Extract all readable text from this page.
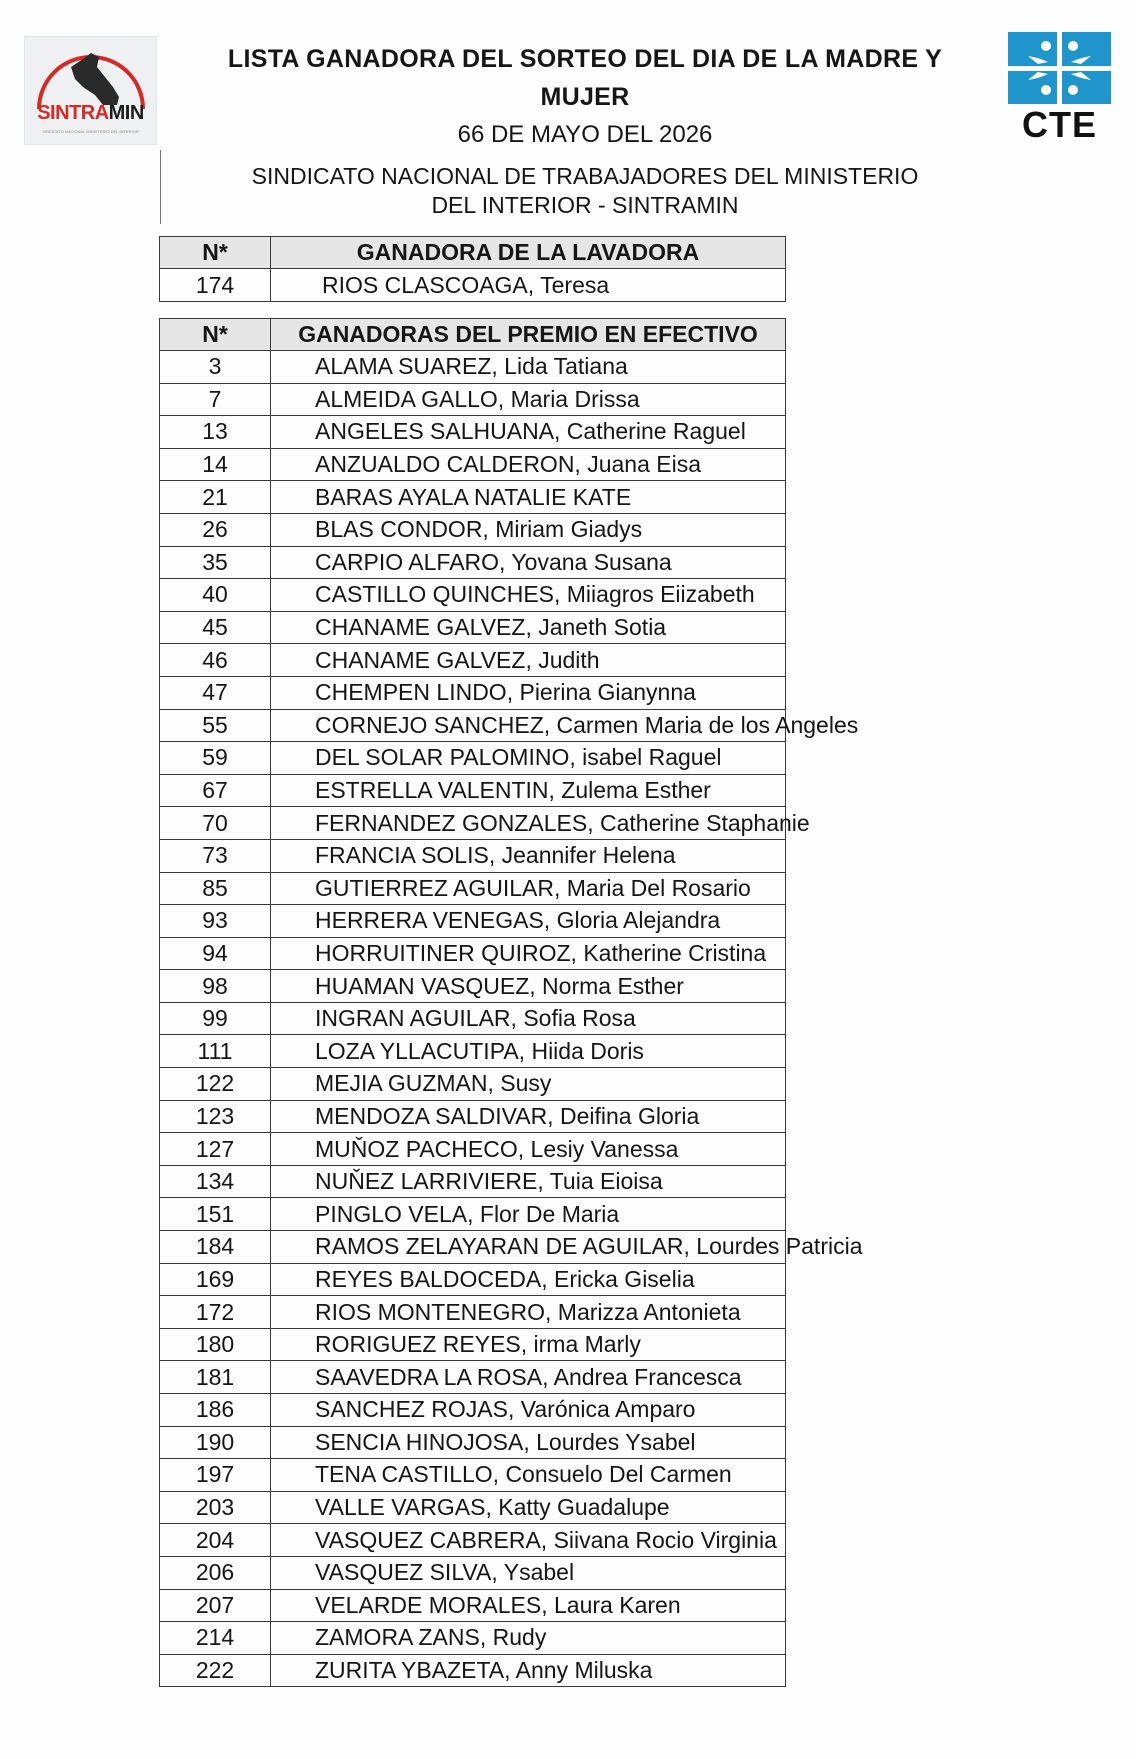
SINTRAMIN
SINDICATO NACIONAL MINISTERIO DEL INTERIOR	CTE
LISTA GANADORA DEL SORTEO DEL DIA DE LA MADRE Y
MUJER
66 DE MAYO DEL 2026
SINDICATO NACIONAL DE TRABAJADORES DEL MINISTERIO
DEL INTERIOR - SINTRAMIN
N*	GANADORA DE LA LAVADORA
174	RIOS CLASCOAGA, Teresa
N*	GANADORAS DEL PREMIO EN EFECTIVO
3	ALAMA SUAREZ, Lida Tatiana
7	ALMEIDA GALLO, Maria Drissa
13	ANGELES SALHUANA, Catherine Raguel
14	ANZUALDO CALDERON, Juana Eisa
21	BARAS AYALA NATALIE KATE
26	BLAS CONDOR, Miriam Giadys
35	CARPIO ALFARO, Yovana Susana
40	CASTILLO QUINCHES, Miiagros Eiizabeth
45	CHANAME GALVEZ, Janeth Sotia
46	CHANAME GALVEZ, Judith
47	CHEMPEN LINDO, Pierina Gianynna
55	CORNEJO SANCHEZ, Carmen Maria de los Angeles
59	DEL SOLAR PALOMINO, isabel Raguel
67	ESTRELLA VALENTIN, Zulema Esther
70	FERNANDEZ GONZALES, Catherine Staphanie
73	FRANCIA SOLIS, Jeannifer Helena
85	GUTIERREZ AGUILAR, Maria Del Rosario
93	HERRERA VENEGAS, Gloria Alejandra
94	HORRUITINER QUIROZ, Katherine Cristina
98	HUAMAN VASQUEZ, Norma Esther
99	INGRAN AGUILAR, Sofia Rosa
111	LOZA YLLACUTIPA, Hiida Doris
122	MEJIA GUZMAN, Susy
123	MENDOZA SALDIVAR, Deifina Gloria
127	MUŇOZ PACHECO, Lesiy Vanessa
134	NUŇEZ LARRIVIERE, Tuia Eioisa
151	PINGLO VELA, Flor De Maria
184	RAMOS ZELAYARAN DE AGUILAR, Lourdes Patricia
169	REYES BALDOCEDA, Ericka Giselia
172	RIOS MONTENEGRO, Marizza Antonieta
180	RORIGUEZ REYES, irma Marly
181	SAAVEDRA LA ROSA, Andrea Francesca
186	SANCHEZ ROJAS, Varónica Amparo
190	SENCIA HINOJOSA, Lourdes Ysabel
197	TENA CASTILLO, Consuelo Del Carmen
203	VALLE VARGAS, Katty Guadalupe
204	VASQUEZ CABRERA, Siivana Rocio Virginia
206	VASQUEZ SILVA, Ysabel
207	VELARDE MORALES, Laura Karen
214	ZAMORA ZANS, Rudy
222	ZURITA YBAZETA, Anny Miluska
